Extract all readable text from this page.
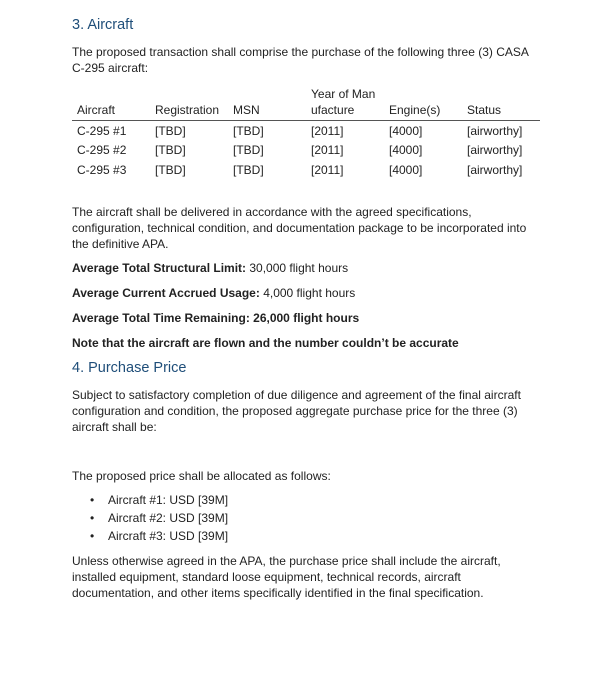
3. Aircraft

The proposed transaction shall comprise the purchase of the following three (3) CASA C-295 aircraft:

Aircraft	Registration	MSN	Year of Manufacture	Engine(s)	Status
C-295 #1	[TBD]	[TBD]	[2011]	[4000]	[airworthy]
C-295 #2	[TBD]	[TBD]	[2011]	[4000]	[airworthy]
C-295 #3	[TBD]	[TBD]	[2011]	[4000]	[airworthy]

The aircraft shall be delivered in accordance with the agreed specifications, configuration, technical condition, and documentation package to be incorporated into the definitive APA.

Average Total Structural Limit: 30,000 flight hours

Average Current Accrued Usage: 4,000 flight hours

Average Total Time Remaining: 26,000 flight hours

Note that the aircraft are flown and the number couldn’t be accurate

4. Purchase Price

Subject to satisfactory completion of due diligence and agreement of the final aircraft configuration and condition, the proposed aggregate purchase price for the three (3) aircraft shall be:

The proposed price shall be allocated as follows:

• Aircraft #1: USD [39M]
• Aircraft #2: USD [39M]
• Aircraft #3: USD [39M]

Unless otherwise agreed in the APA, the purchase price shall include the aircraft, installed equipment, standard loose equipment, technical records, aircraft documentation, and other items specifically identified in the final specification.
